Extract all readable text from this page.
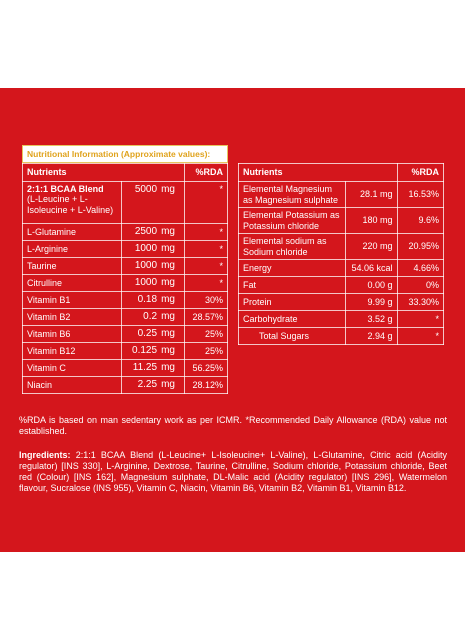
Nutritional Information (Approximate values):
Nutrients			%RDA
2:1:1 BCAA Blend
(L-Leucine + L-Isoleucine + L-Valine)	5000	mg	*
L-Glutamine	2500	mg	*
L-Arginine	1000	mg	*
Taurine	1000	mg	*
Citrulline	1000	mg	*
Vitamin B1	0.18	mg	30%
Vitamin B2	0.2	mg	28.57%
Vitamin B6	0.25	mg	25%
Vitamin B12	0.125	mg	25%
Vitamin C	11.25	mg	56.25%
Niacin	2.25	mg	28.12%
Nutrients		%RDA
Elemental Magnesium as Magnesium sulphate	28.1 mg	16.53%
Elemental Potassium as Potassium chloride	180 mg	9.6%
Elemental sodium as Sodium chloride	220 mg	20.95%
Energy	54.06 kcal	4.66%
Fat	0.00 g	0%
Protein	9.99 g	33.30%
Carbohydrate	3.52 g	*
Total Sugars	2.94 g	*
%RDA is based on man sedentary work as per ICMR. *Recommended Daily Allowance (RDA) value not established.
Ingredients: 2:1:1 BCAA Blend (L-Leucine+ L-Isoleucine+ L-Valine), L-Glutamine, Citric acid (Acidity regulator) [INS 330], L-Arginine, Dextrose, Taurine, Citrulline, Sodium chloride, Potassium chloride, Beet red (Colour) [INS 162], Magnesium sulphate, DL-Malic acid (Acidity regulator) [INS 296], Watermelon flavour, Sucralose (INS 955), Vitamin C, Niacin, Vitamin B6, Vitamin B2, Vitamin B1, Vitamin B12.
